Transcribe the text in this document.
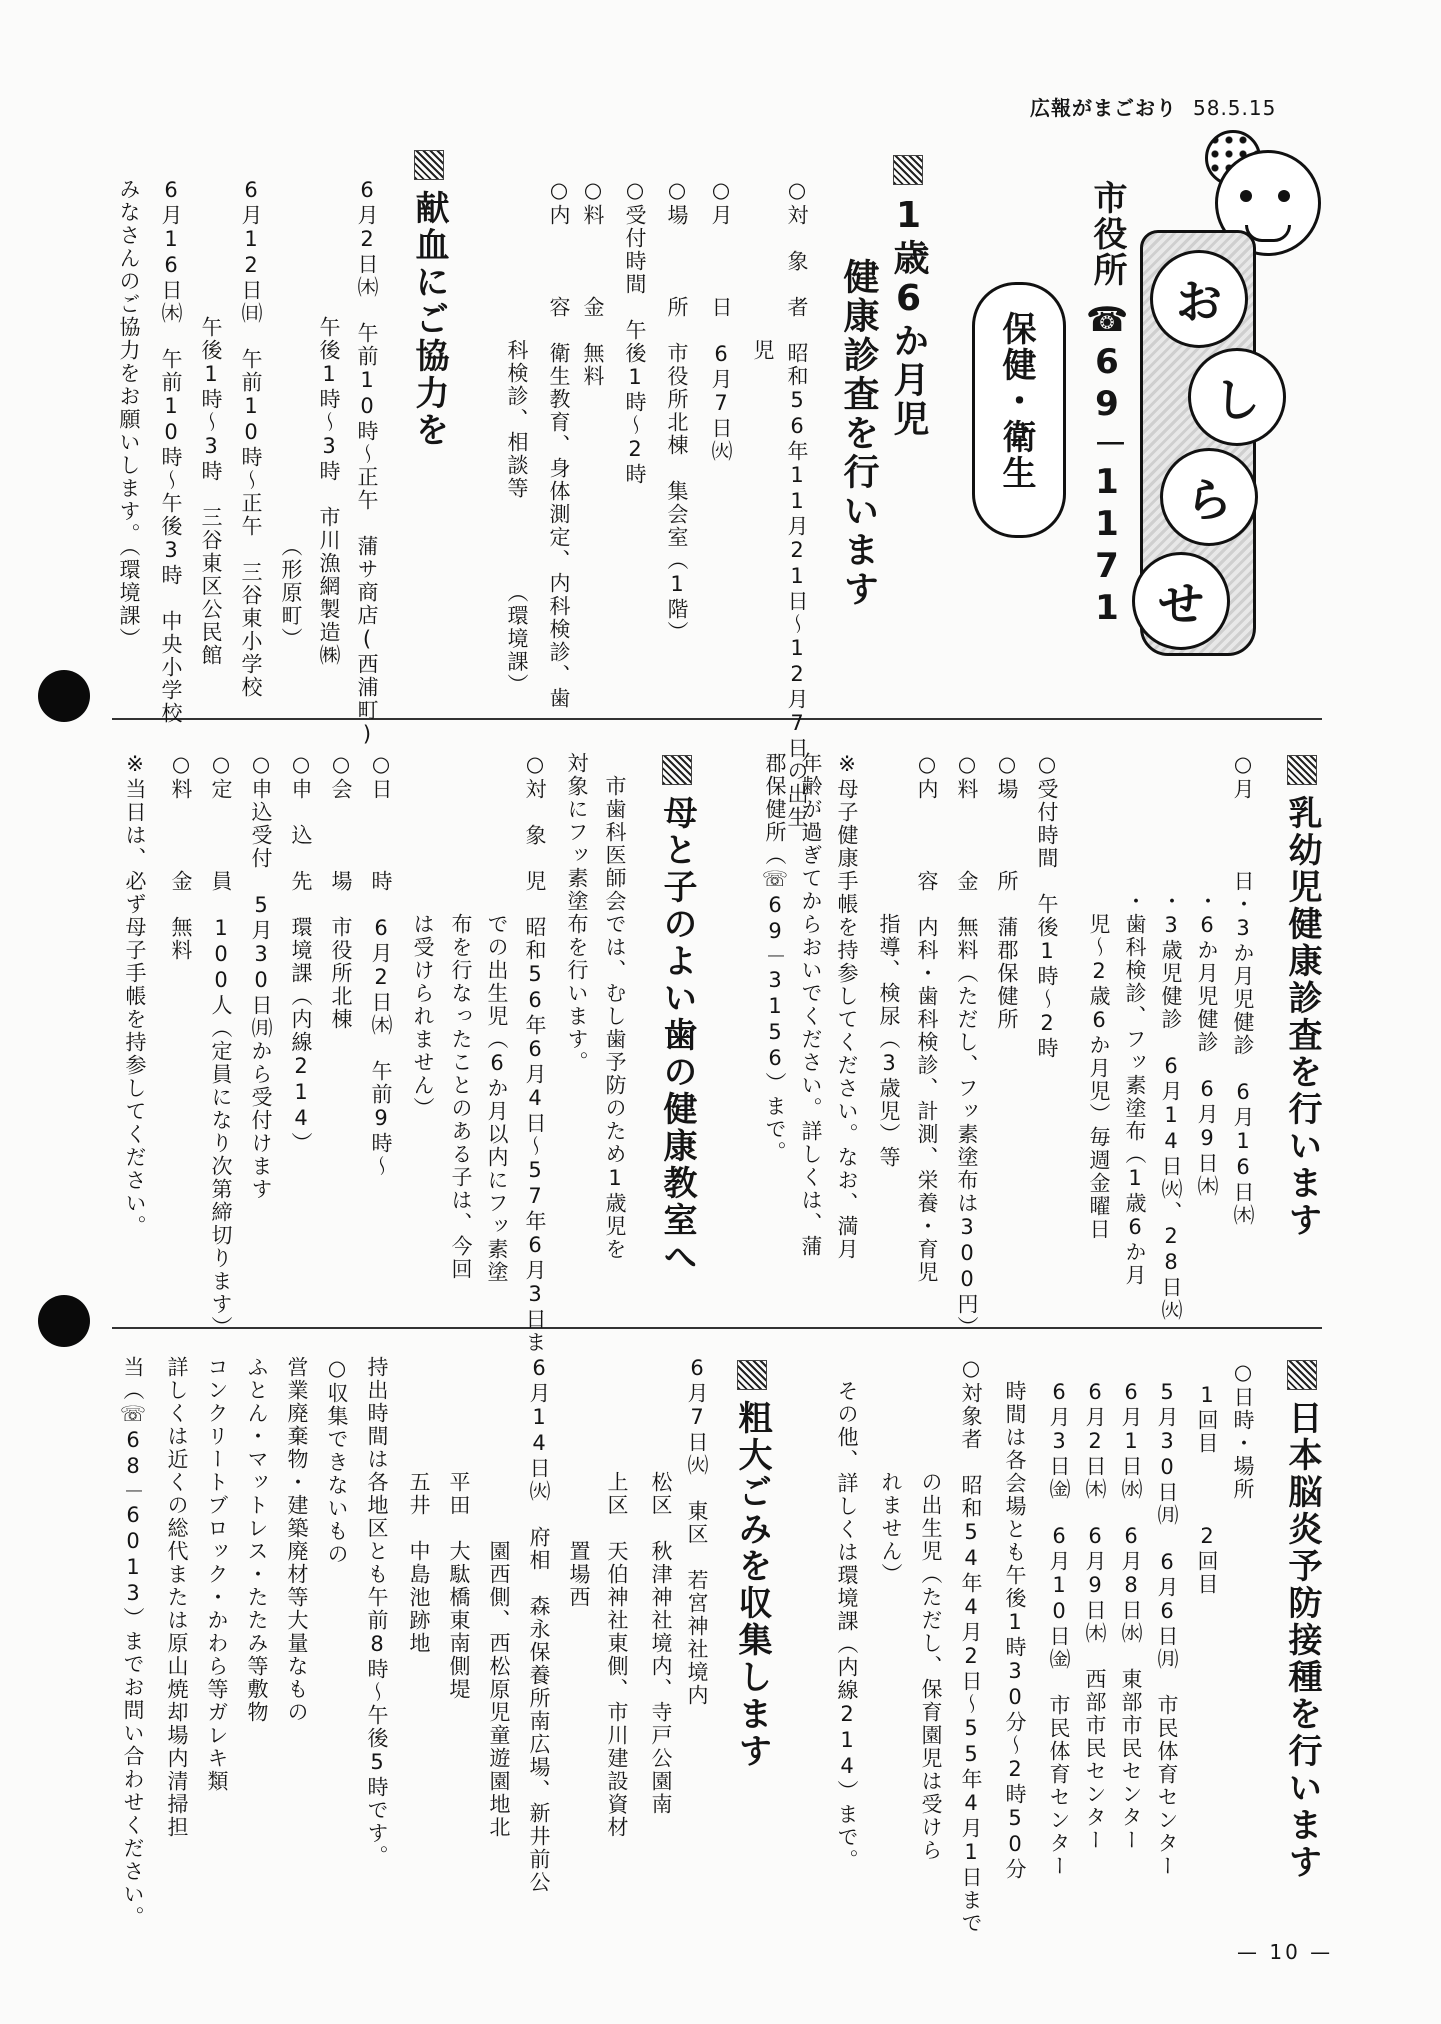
広報がまごおり 58.5.15
お
し
ら
せ
市役所
☎69－1171
保健・衛生
1歳6か月児
健康診査を行います
○対　象　者　昭和56年11月21日～12月7日の出生
　　　　　　　児
○月　　　日　6月7日㈫
○場　　　所　市役所北棟　集会室（1階）
○受付時間　午後1時～2時
○料　　　金　無料
○内　　　容　衛生教育、身体測定、内科検診、歯
　　　　　　　科検診、相談等　　　　（環境課）
献血にご協力を
6月2日㈭　午前10時～正午　蒲サ商店(西浦町)
　　　　　　午後1時～3時　市川漁網製造㈱
　　　　　　　　　　　　　　　　（形原町）
6月12日㈰　午前10時～正午　三谷東小学校
　　　　　　午後1時～3時　三谷東区公民館
6月16日㈭　午前10時～午後3時　中央小学校
みなさんのご協力をお願いします。（環境課）
乳幼児健康診査を行います
○月　　　日・3か月児健診　6月16日㈭
　　　　　　・6か月児健診　6月9日㈭
　　　　　　・3歳児健診　6月14日㈫、28日㈫
　　　　　　・歯科検診、フッ素塗布（1歳6か月
　　　　　　　児～2歳6か月児）毎週金曜日
○受付時間　午後1時～2時
○場　　　所　蒲郡保健所
○料　　　金　無料（ただし、フッ素塗布は300円）
○内　　　容　内科・歯科検診、計測、栄養・育児
　　　　　　　指導、検尿（3歳児）等
※母子健康手帳を持参してください。なお、満月
年齢が過ぎてからおいでください。詳しくは、蒲
郡保健所（☏69－3156）まで。
母と子のよい歯の健康教室へ
市歯科医師会では、むし歯予防のため1歳児を
対象にフッ素塗布を行います。
○対　象　児　昭和56年6月4日～57年6月3日ま
　　　　　　　での出生児（6か月以内にフッ素塗
　　　　　　　布を行なったことのある子は、今回
　　　　　　　は受けられません）
○日　　　時　6月2日㈭　午前9時～
○会　　　場　市役所北棟
○申　込　先　環境課（内線214）
○申込受付　5月30日㈪から受付けます
○定　　　員　100人（定員になり次第締切ります）
○料　　　金　無料
※当日は、必ず母子手帳を持参してください。
日本脳炎予防接種を行います
○日時・場所
　1回目　　　2回目
5月30日㈪　6月6日㈪　市民体育センター
6月1日㈬　6月8日㈬　東部市民センター
6月2日㈭　6月9日㈭　西部市民センター
6月3日㈮　6月10日㈮　市民体育センター
時間は各会場とも午後1時30分～2時50分
○対象者　昭和54年4月2日～55年4月1日まで
　　　　　の出生児（ただし、保育園児は受けら
　　　　　れません）
その他、詳しくは環境課（内線214）まで。
粗大ごみを収集します
6月7日㈫　東区　若宮神社境内
　　　　　松区　秋津神社境内、寺戸公園南
　　　　　上区　天伯神社東側、市川建設資材
　　　　　　　　置場西
6月14日㈫　府相　森永保養所南広場、新井前公
　　　　　　　　園西側、西松原児童遊園地北
　　　　　平田　大駄橋東南側堤
　　　　　五井　中島池跡地
持出時間は各地区とも午前8時～午後5時です。
○収集できないもの
営業廃棄物・建築廃材等大量なもの
ふとん・マットレス・たたみ等敷物
コンクリートブロック・かわら等ガレキ類
詳しくは近くの総代または原山焼却場内清掃担
当（☏68－6013）までお問い合わせください。
— 10 —
